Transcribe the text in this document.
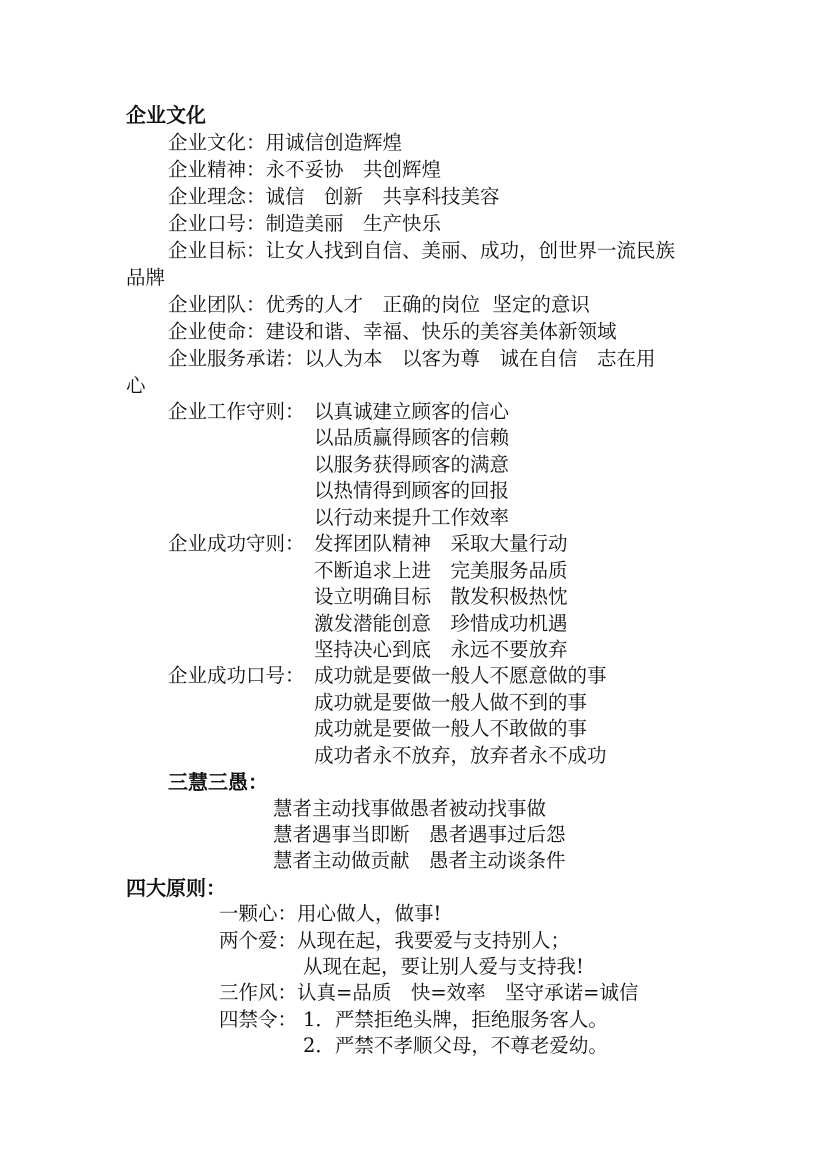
企业文化
企业文化：用诚信创造辉煌
企业精神：永不妥协　共创辉煌
企业理念：诚信　创新　共享科技美容
企业口号：制造美丽　生产快乐
企业目标：让女人找到自信、美丽、成功，创世界一流民族
品牌
企业团队：优秀的人才　正确的岗位  坚定的意识
企业使命：建设和谐、幸福、快乐的美容美体新领域
企业服务承诺：以人为本　以客为尊　诚在自信　志在用
心
企业工作守则： 以真诚建立顾客的信心
以品质赢得顾客的信赖
以服务获得顾客的满意
以热情得到顾客的回报
以行动来提升工作效率
企业成功守则： 发挥团队精神　采取大量行动
不断追求上进　完美服务品质
设立明确目标　散发积极热忱
激发潜能创意　珍惜成功机遇
坚持决心到底　永远不要放弃
企业成功口号： 成功就是要做一般人不愿意做的事
成功就是要做一般人做不到的事
成功就是要做一般人不敢做的事
成功者永不放弃，放弃者永不成功
三慧三愚：
慧者主动找事做愚者被动找事做
慧者遇事当即断　愚者遇事过后怨
慧者主动做贡献　愚者主动谈条件
四大原则：
一颗心：用心做人，做事!
两个爱：从现在起，我要爱与支持别人；
从现在起，要让别人爱与支持我!
三作风：认真=品质　快=效率　坚守承诺=诚信
四禁令： 1．严禁拒绝头牌，拒绝服务客人。
2．严禁不孝顺父母，不尊老爱幼。
